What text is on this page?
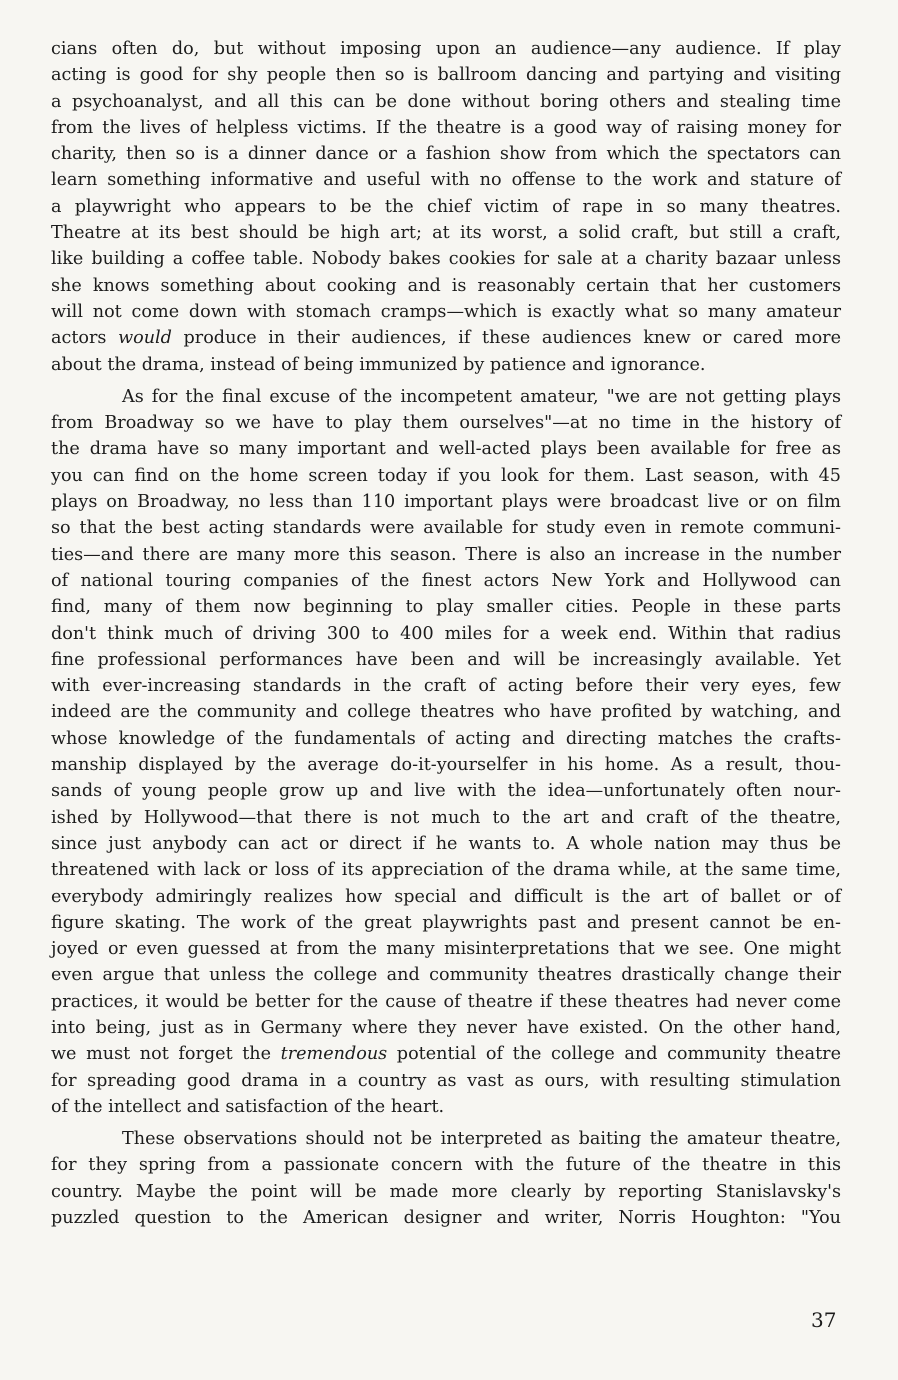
cians often do, but without imposing upon an audience—any audience. If play
acting is good for shy people then so is ballroom dancing and partying and visiting
a psychoanalyst, and all this can be done without boring others and stealing time
from the lives of helpless victims. If the theatre is a good way of raising money for
charity, then so is a dinner dance or a fashion show from which the spectators can
learn something informative and useful with no offense to the work and stature of
a playwright who appears to be the chief victim of rape in so many theatres.
Theatre at its best should be high art; at its worst, a solid craft, but still a craft,
like building a coffee table. Nobody bakes cookies for sale at a charity bazaar unless
she knows something about cooking and is reasonably certain that her customers
will not come down with stomach cramps—which is exactly what so many amateur
actors would produce in their audiences, if these audiences knew or cared more
about the drama, instead of being immunized by patience and ignorance.
As for the final excuse of the incompetent amateur, "we are not getting plays
from Broadway so we have to play them ourselves"—at no time in the history of
the drama have so many important and well-acted plays been available for free as
you can find on the home screen today if you look for them. Last season, with 45
plays on Broadway, no less than 110 important plays were broadcast live or on film
so that the best acting standards were available for study even in remote communi-
ties—and there are many more this season. There is also an increase in the number
of national touring companies of the finest actors New York and Hollywood can
find, many of them now beginning to play smaller cities. People in these parts
don't think much of driving 300 to 400 miles for a week end. Within that radius
fine professional performances have been and will be increasingly available. Yet
with ever-increasing standards in the craft of acting before their very eyes, few
indeed are the community and college theatres who have profited by watching, and
whose knowledge of the fundamentals of acting and directing matches the crafts-
manship displayed by the average do-it-yourselfer in his home. As a result, thou-
sands of young people grow up and live with the idea—unfortunately often nour-
ished by Hollywood—that there is not much to the art and craft of the theatre,
since just anybody can act or direct if he wants to. A whole nation may thus be
threatened with lack or loss of its appreciation of the drama while, at the same time,
everybody admiringly realizes how special and difficult is the art of ballet or of
figure skating. The work of the great playwrights past and present cannot be en-
joyed or even guessed at from the many misinterpretations that we see. One might
even argue that unless the college and community theatres drastically change their
practices, it would be better for the cause of theatre if these theatres had never come
into being, just as in Germany where they never have existed. On the other hand,
we must not forget the tremendous potential of the college and community theatre
for spreading good drama in a country as vast as ours, with resulting stimulation
of the intellect and satisfaction of the heart.
These observations should not be interpreted as baiting the amateur theatre,
for they spring from a passionate concern with the future of the theatre in this
country. Maybe the point will be made more clearly by reporting Stanislavsky's
puzzled question to the American designer and writer, Norris Houghton: "You
37
